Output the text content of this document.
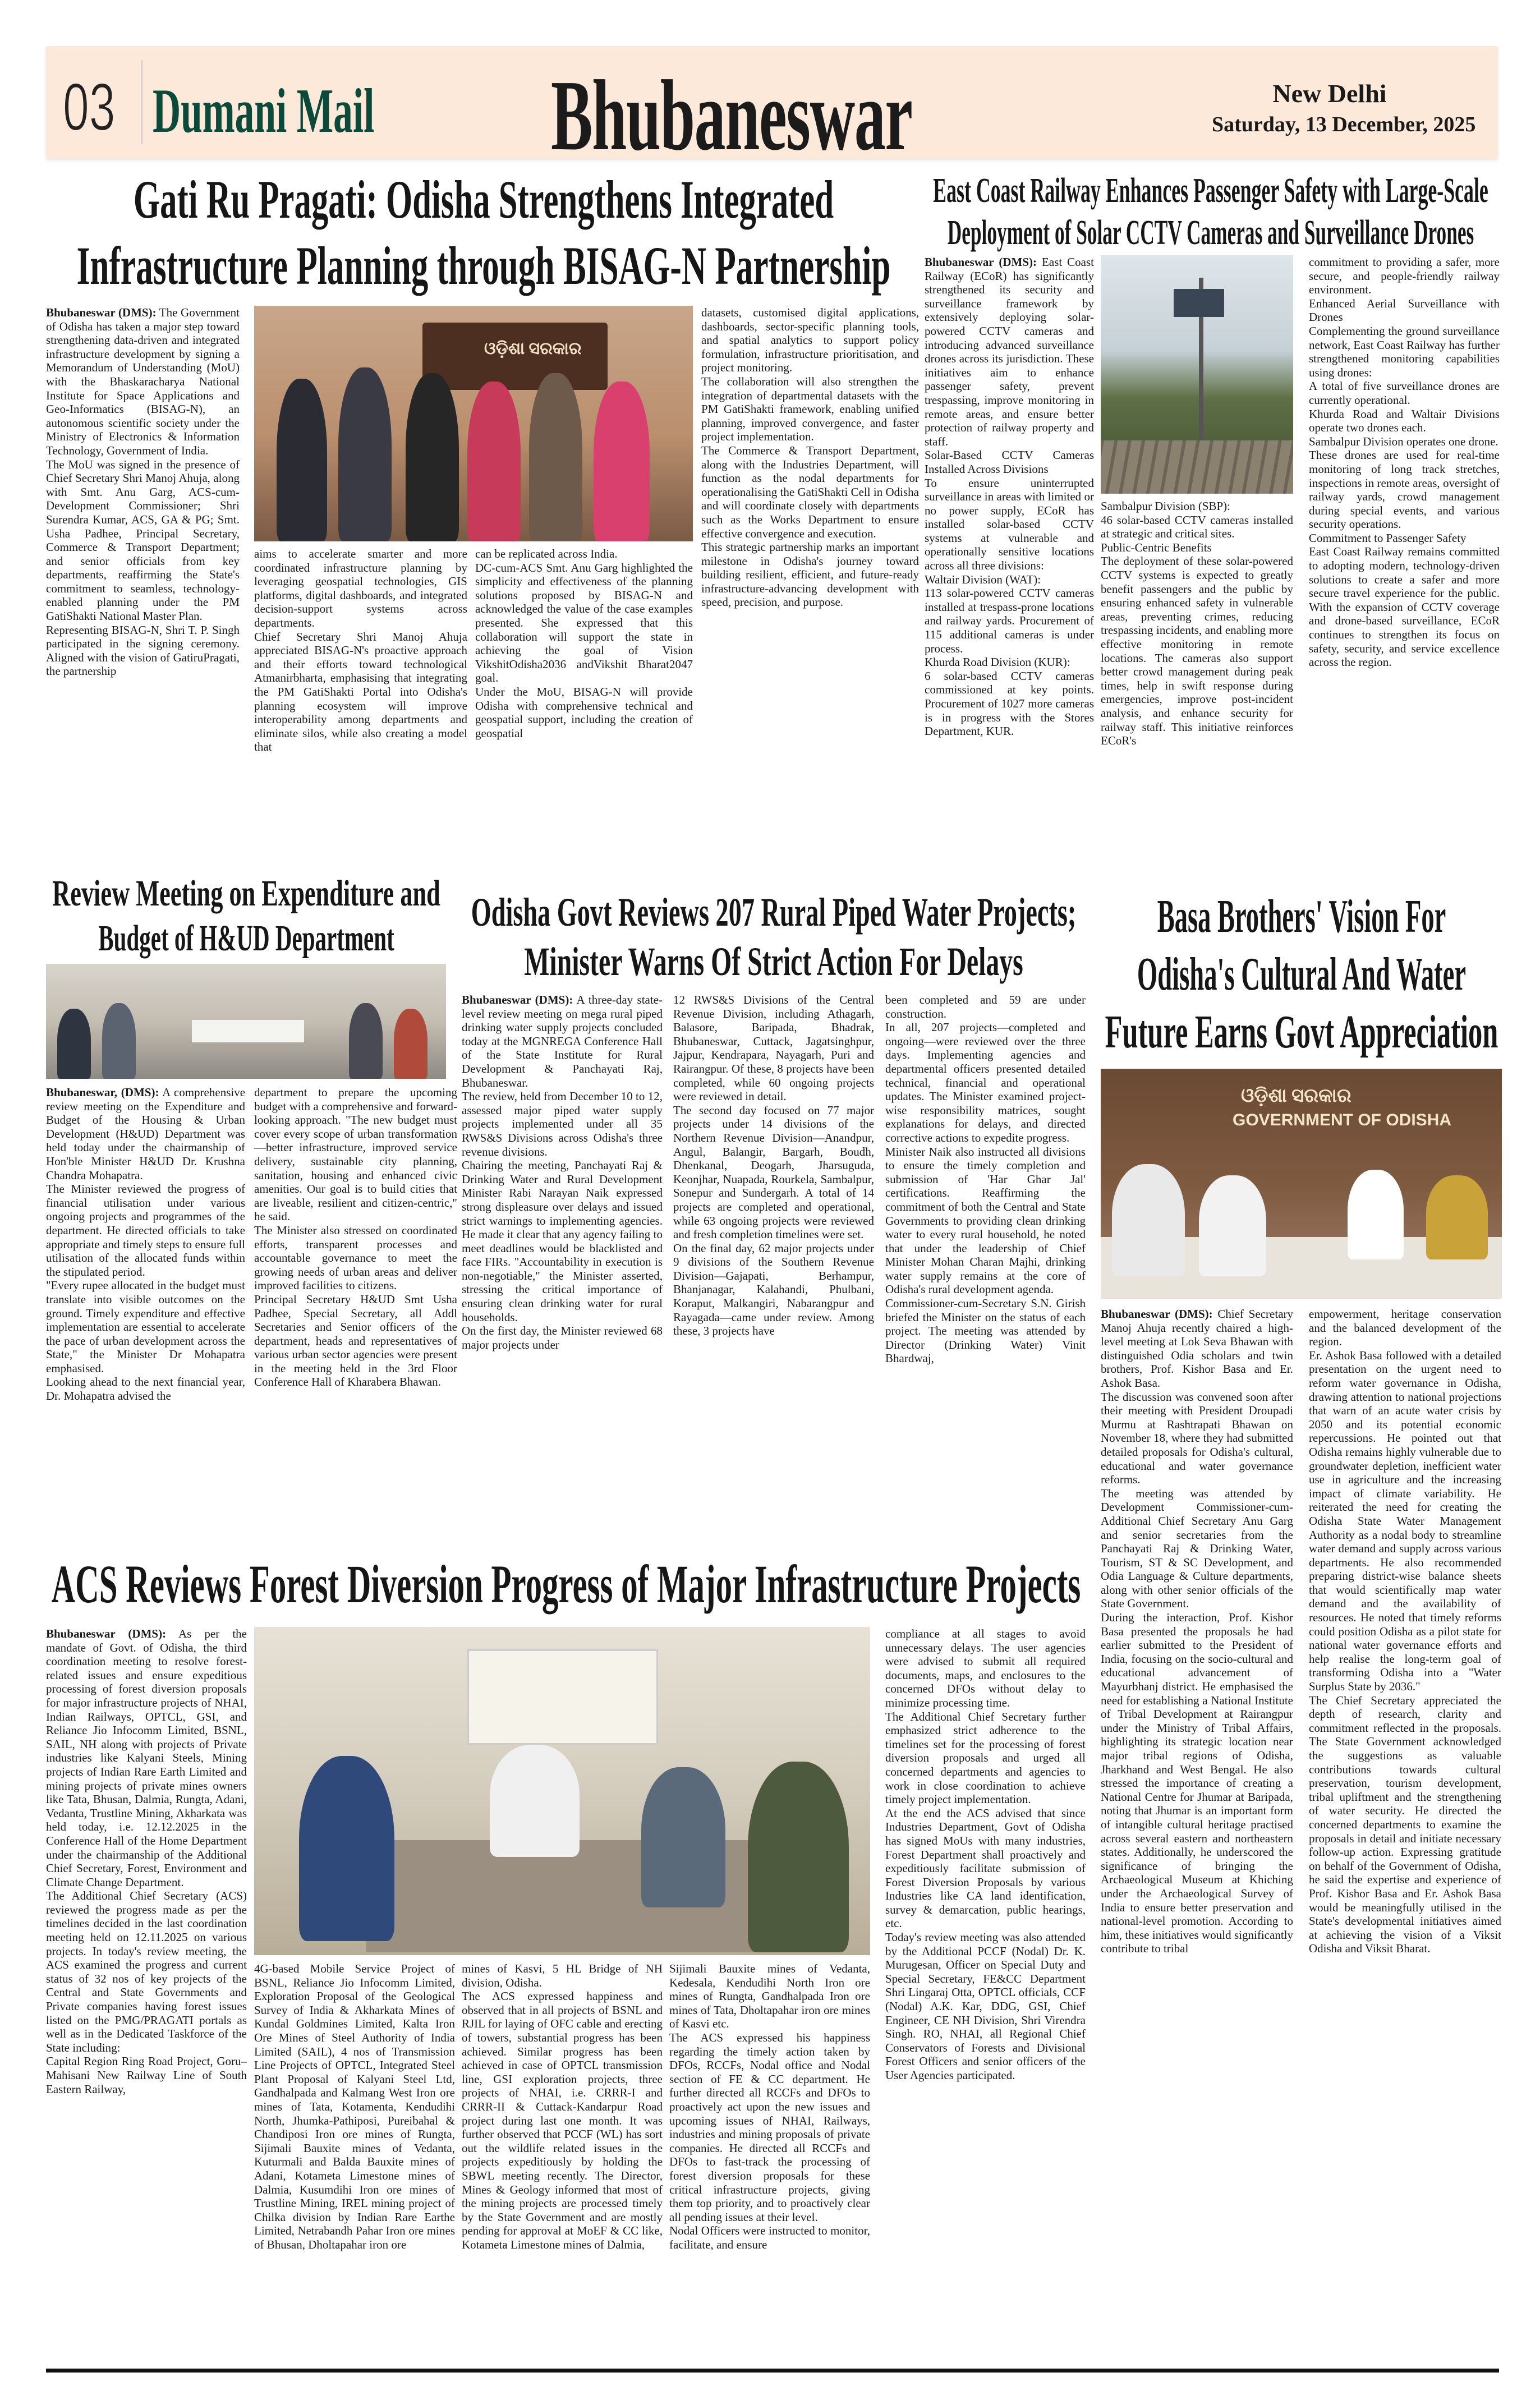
03 Dumani Mail Bhubaneswar	New Delhi
Saturday, 13 December, 2025
Gati Ru Pragati: Odisha Strengthens Integrated
Infrastructure Planning through BISAG-N Partnership

Bhubaneswar (DMS): The Government of Odisha has taken a major step toward strengthening data-driven and integrated infrastructure development by signing a Memorandum of Understanding (MoU) with the Bhaskaracharya National Institute for Space Applications and Geo-Informatics (BISAG-N), an autonomous scientific society under the Ministry of Electronics & Information Technology, Government of India.

The MoU was signed in the presence of Chief Secretary Shri Manoj Ahuja, along with Smt. Anu Garg, ACS-cum-Development Commissioner; Shri Surendra Kumar, ACS, GA & PG; Smt. Usha Padhee, Principal Secretary, Commerce & Transport Department; and senior officials from key departments, reaffirming the State's commitment to seamless, technology-enabled planning under the PM GatiShakti National Master Plan.

Representing BISAG-N, Shri T. P. Singh participated in the signing ceremony. Aligned with the vision of GatiruPragati, the partnership

ଓଡ଼ିଶା ସରକାର

aims to accelerate smarter and more coordinated infrastructure planning by leveraging geospatial technologies, GIS platforms, digital dashboards, and integrated decision-support systems across departments.

Chief Secretary Shri Manoj Ahuja appreciated BISAG-N's proactive approach and their efforts toward technological Atmanirbharta, emphasising that integrating the PM GatiShakti Portal into Odisha's planning ecosystem will improve interoperability among departments and eliminate silos, while also creating a model that

can be replicated across India.

DC-cum-ACS Smt. Anu Garg highlighted the simplicity and effectiveness of the planning solutions proposed by BISAG-N and acknowledged the value of the case examples presented. She expressed that this collaboration will support the state in achieving the goal of Vision VikshitOdisha2036 andVikshit Bharat2047 goal.

Under the MoU, BISAG-N will provide Odisha with comprehensive technical and geospatial support, including the creation of geospatial

datasets, customised digital applications, dashboards, sector-specific planning tools, and spatial analytics to support policy formulation, infrastructure prioritisation, and project monitoring.

The collaboration will also strengthen the integration of departmental datasets with the PM GatiShakti framework, enabling unified planning, improved convergence, and faster project implementation.

The Commerce & Transport Department, along with the Industries Department, will function as the nodal departments for operationalising the GatiShakti Cell in Odisha and will coordinate closely with departments such as the Works Department to ensure effective convergence and execution.

This strategic partnership marks an important milestone in Odisha's journey toward building resilient, efficient, and future-ready infrastructure-advancing development with speed, precision, and purpose.

East Coast Railway Enhances Passenger Safety with Large-Scale
Deployment of Solar CCTV Cameras and Surveillance Drones

Bhubaneswar (DMS): East Coast Railway (ECoR) has significantly strengthened its security and surveillance framework by extensively deploying solar-powered CCTV cameras and introducing advanced surveillance drones across its jurisdiction. These initiatives aim to enhance passenger safety, prevent trespassing, improve monitoring in remote areas, and ensure better protection of railway property and staff.

Solar-Based CCTV Cameras Installed Across Divisions

To ensure uninterrupted surveillance in areas with limited or no power supply, ECoR has installed solar-based CCTV systems at vulnerable and operationally sensitive locations across all three divisions:

Waltair Division (WAT):

113 solar-powered CCTV cameras installed at trespass-prone locations and railway yards. Procurement of 115 additional cameras is under process.

Khurda Road Division (KUR):

6 solar-based CCTV cameras commissioned at key points. Procurement of 1027 more cameras is in progress with the Stores Department, KUR.

Sambalpur Division (SBP):

46 solar-based CCTV cameras installed at strategic and critical sites.

Public-Centric Benefits

The deployment of these solar-powered CCTV systems is expected to greatly benefit passengers and the public by ensuring enhanced safety in vulnerable areas, preventing crimes, reducing trespassing incidents, and enabling more effective monitoring in remote locations. The cameras also support better crowd management during peak times, help in swift response during emergencies, improve post-incident analysis, and enhance security for railway staff. This initiative reinforces ECoR's

commitment to providing a safer, more secure, and people-friendly railway environment.

Enhanced Aerial Surveillance with Drones

Complementing the ground surveillance network, East Coast Railway has further strengthened monitoring capabilities using drones:

A total of five surveillance drones are currently operational.

Khurda Road and Waltair Divisions operate two drones each.

Sambalpur Division operates one drone.

These drones are used for real-time monitoring of long track stretches, inspections in remote areas, oversight of railway yards, crowd management during special events, and various security operations.

Commitment to Passenger Safety

East Coast Railway remains committed to adopting modern, technology-driven solutions to create a safer and more secure travel experience for the public. With the expansion of CCTV coverage and drone-based surveillance, ECoR continues to strengthen its focus on safety, security, and service excellence across the region.

Review Meeting on Expenditure and
Budget of H&UD Department

Bhubaneswar, (DMS): A comprehensive review meeting on the Expenditure and Budget of the Housing & Urban Development (H&UD) Department was held today under the chairmanship of Hon'ble Minister H&UD Dr. Krushna Chandra Mohapatra.

The Minister reviewed the progress of financial utilisation under various ongoing projects and programmes of the department. He directed officials to take appropriate and timely steps to ensure full utilisation of the allocated funds within the stipulated period.

"Every rupee allocated in the budget must translate into visible outcomes on the ground. Timely expenditure and effective implementation are essential to accelerate the pace of urban development across the State," the Minister Dr Mohapatra emphasised.

Looking ahead to the next financial year, Dr. Mohapatra advised the

department to prepare the upcoming budget with a comprehensive and forward-looking approach. "The new budget must cover every scope of urban transformation—better infrastructure, improved service delivery, sustainable city planning, sanitation, housing and enhanced civic amenities. Our goal is to build cities that are liveable, resilient and citizen-centric," he said.

The Minister also stressed on coordinated efforts, transparent processes and accountable governance to meet the growing needs of urban areas and deliver improved facilities to citizens.

Principal Secretary H&UD Smt Usha Padhee, Special Secretary, all Addl Secretaries and Senior officers of the department, heads and representatives of various urban sector agencies were present in the meeting held in the 3rd Floor Conference Hall of Kharabera Bhawan.

Odisha Govt Reviews 207 Rural Piped Water Projects;
Minister Warns Of Strict Action For Delays

Bhubaneswar (DMS): A three-day state-level review meeting on mega rural piped drinking water supply projects concluded today at the MGNREGA Conference Hall of the State Institute for Rural Development & Panchayati Raj, Bhubaneswar.

The review, held from December 10 to 12, assessed major piped water supply projects implemented under all 35 RWS&S Divisions across Odisha's three revenue divisions.

Chairing the meeting, Panchayati Raj & Drinking Water and Rural Development Minister Rabi Narayan Naik expressed strong displeasure over delays and issued strict warnings to implementing agencies. He made it clear that any agency failing to meet deadlines would be blacklisted and face FIRs. "Accountability in execution is non-negotiable," the Minister asserted, stressing the critical importance of ensuring clean drinking water for rural households.

On the first day, the Minister reviewed 68 major projects under

12 RWS&S Divisions of the Central Revenue Division, including Athagarh, Balasore, Baripada, Bhadrak, Bhubaneswar, Cuttack, Jagatsinghpur, Jajpur, Kendrapara, Nayagarh, Puri and Rairangpur. Of these, 8 projects have been completed, while 60 ongoing projects were reviewed in detail.

The second day focused on 77 major projects under 14 divisions of the Northern Revenue Division—Anandpur, Angul, Balangir, Bargarh, Boudh, Dhenkanal, Deogarh, Jharsuguda, Keonjhar, Nuapada, Rourkela, Sambalpur, Sonepur and Sundergarh. A total of 14 projects are completed and operational, while 63 ongoing projects were reviewed and fresh completion timelines were set.

On the final day, 62 major projects under 9 divisions of the Southern Revenue Division—Gajapati, Berhampur, Bhanjanagar, Kalahandi, Phulbani, Koraput, Malkangiri, Nabarangpur and Rayagada—came under review. Among these, 3 projects have

been completed and 59 are under construction.

In all, 207 projects—completed and ongoing—were reviewed over the three days. Implementing agencies and departmental officers presented detailed technical, financial and operational updates. The Minister examined project-wise responsibility matrices, sought explanations for delays, and directed corrective actions to expedite progress.

Minister Naik also instructed all divisions to ensure the timely completion and submission of 'Har Ghar Jal' certifications. Reaffirming the commitment of both the Central and State Governments to providing clean drinking water to every rural household, he noted that under the leadership of Chief Minister Mohan Charan Majhi, drinking water supply remains at the core of Odisha's rural development agenda.

Commissioner-cum-Secretary S.N. Girish briefed the Minister on the status of each project. The meeting was attended by Director (Drinking Water) Vinit Bhardwaj,

Basa Brothers' Vision For
Odisha's Cultural And Water
Future Earns Govt Appreciation
ଓଡ଼ିଶା ସରକାର
GOVERNMENT OF ODISHA

Bhubaneswar (DMS): Chief Secretary Manoj Ahuja recently chaired a high-level meeting at Lok Seva Bhawan with distinguished Odia scholars and twin brothers, Prof. Kishor Basa and Er. Ashok Basa.

The discussion was convened soon after their meeting with President Droupadi Murmu at Rashtrapati Bhawan on November 18, where they had submitted detailed proposals for Odisha's cultural, educational and water governance reforms.

The meeting was attended by Development Commissioner-cum-Additional Chief Secretary Anu Garg and senior secretaries from the Panchayati Raj & Drinking Water, Tourism, ST & SC Development, and Odia Language & Culture departments, along with other senior officials of the State Government.

During the interaction, Prof. Kishor Basa presented the proposals he had earlier submitted to the President of India, focusing on the socio-cultural and educational advancement of Mayurbhanj district. He emphasised the need for establishing a National Institute of Tribal Development at Rairangpur under the Ministry of Tribal Affairs, highlighting its strategic location near major tribal regions of Odisha, Jharkhand and West Bengal. He also stressed the importance of creating a National Centre for Jhumar at Baripada, noting that Jhumar is an important form of intangible cultural heritage practised across several eastern and northeastern states. Additionally, he underscored the significance of bringing the Archaeological Museum at Khiching under the Archaeological Survey of India to ensure better preservation and national-level promotion. According to him, these initiatives would significantly contribute to tribal

empowerment, heritage conservation and the balanced development of the region.

Er. Ashok Basa followed with a detailed presentation on the urgent need to reform water governance in Odisha, drawing attention to national projections that warn of an acute water crisis by 2050 and its potential economic repercussions. He pointed out that Odisha remains highly vulnerable due to groundwater depletion, inefficient water use in agriculture and the increasing impact of climate variability. He reiterated the need for creating the Odisha State Water Management Authority as a nodal body to streamline water demand and supply across various departments. He also recommended preparing district-wise balance sheets that would scientifically map water demand and the availability of resources. He noted that timely reforms could position Odisha as a pilot state for national water governance efforts and help realise the long-term goal of transforming Odisha into a "Water Surplus State by 2036."

The Chief Secretary appreciated the depth of research, clarity and commitment reflected in the proposals. The State Government acknowledged the suggestions as valuable contributions towards cultural preservation, tourism development, tribal upliftment and the strengthening of water security. He directed the concerned departments to examine the proposals in detail and initiate necessary follow-up action. Expressing gratitude on behalf of the Government of Odisha, he said the expertise and experience of Prof. Kishor Basa and Er. Ashok Basa would be meaningfully utilised in the State's developmental initiatives aimed at achieving the vision of a Viksit Odisha and Viksit Bharat.

ACS Reviews Forest Diversion Progress of Major Infrastructure Projects

Bhubaneswar (DMS): As per the mandate of Govt. of Odisha, the third coordination meeting to resolve forest-related issues and ensure expeditious processing of forest diversion proposals for major infrastructure projects of NHAI, Indian Railways, OPTCL, GSI, and Reliance Jio Infocomm Limited, BSNL, SAIL, NH along with projects of Private industries like Kalyani Steels, Mining projects of Indian Rare Earth Limited and mining projects of private mines owners like Tata, Bhusan, Dalmia, Rungta, Adani, Vedanta, Trustline Mining, Akharkata was held today, i.e. 12.12.2025 in the Conference Hall of the Home Department under the chairmanship of the Additional Chief Secretary, Forest, Environment and Climate Change Department.

The Additional Chief Secretary (ACS) reviewed the progress made as per the timelines decided in the last coordination meeting held on 12.11.2025 on various projects. In today's review meeting, the ACS examined the progress and current status of 32 nos of key projects of the Central and State Governments and Private companies having forest issues listed on the PMG/PRAGATI portals as well as in the Dedicated Taskforce of the State including:

Capital Region Ring Road Project, Goru–Mahisani New Railway Line of South Eastern Railway,

4G-based Mobile Service Project of BSNL, Reliance Jio Infocomm Limited, Exploration Proposal of the Geological Survey of India & Akharkata Mines of Kundal Goldmines Limited, Kalta Iron Ore Mines of Steel Authority of India Limited (SAIL), 4 nos of Transmission Line Projects of OPTCL, Integrated Steel Plant Proposal of Kalyani Steel Ltd, Gandhalpada and Kalmang West Iron ore mines of Tata, Kotamenta, Kendudihi North, Jhumka-Pathiposi, Pureibahal & Chandiposi Iron ore mines of Rungta, Sijimali Bauxite mines of Vedanta, Kuturmali and Balda Bauxite mines of Adani, Kotameta Limestone mines of Dalmia, Kusumdihi Iron ore mines of Trustline Mining, IREL mining project of Chilka division by Indian Rare Earthe Limited, Netrabandh Pahar Iron ore mines of Bhusan, Dholtapahar iron ore

mines of Kasvi, 5 HL Bridge of NH division, Odisha.

The ACS expressed happiness and observed that in all projects of BSNL and RJIL for laying of OFC cable and erecting of towers, substantial progress has been achieved. Similar progress has been achieved in case of OPTCL transmission line, GSI exploration projects, three projects of NHAI, i.e. CRRR-I and CRRR-II & Cuttack-Kandarpur Road project during last one month. It was further observed that PCCF (WL) has sort out the wildlife related issues in the projects expeditiously by holding the SBWL meeting recently. The Director, Mines & Geology informed that most of the mining projects are processed timely by the State Government and are mostly pending for approval at MoEF & CC like, Kotameta Limestone mines of Dalmia,

Sijimali Bauxite mines of Vedanta, Kedesala, Kendudihi North Iron ore mines of Rungta, Gandhalpada Iron ore mines of Tata, Dholtapahar iron ore mines of Kasvi etc.

The ACS expressed his happiness regarding the timely action taken by DFOs, RCCFs, Nodal office and Nodal section of FE & CC department. He further directed all RCCFs and DFOs to proactively act upon the new issues and upcoming issues of NHAI, Railways, industries and mining proposals of private companies. He directed all RCCFs and DFOs to fast-track the processing of forest diversion proposals for these critical infrastructure projects, giving them top priority, and to proactively clear all pending issues at their level.

Nodal Officers were instructed to monitor, facilitate, and ensure

compliance at all stages to avoid unnecessary delays. The user agencies were advised to submit all required documents, maps, and enclosures to the concerned DFOs without delay to minimize processing time.

The Additional Chief Secretary further emphasized strict adherence to the timelines set for the processing of forest diversion proposals and urged all concerned departments and agencies to work in close coordination to achieve timely project implementation.

At the end the ACS advised that since Industries Department, Govt of Odisha has signed MoUs with many industries, Forest Department shall proactively and expeditiously facilitate submission of Forest Diversion Proposals by various Industries like CA land identification, survey & demarcation, public hearings, etc.

Today's review meeting was also attended by the Additional PCCF (Nodal) Dr. K. Murugesan, Officer on Special Duty and Special Secretary, FE&CC Department Shri Lingaraj Otta, OPTCL officials, CCF (Nodal) A.K. Kar, DDG, GSI, Chief Engineer, CE NH Division, Shri Virendra Singh. RO, NHAI, all Regional Chief Conservators of Forests and Divisional Forest Officers and senior officers of the User Agencies participated.
